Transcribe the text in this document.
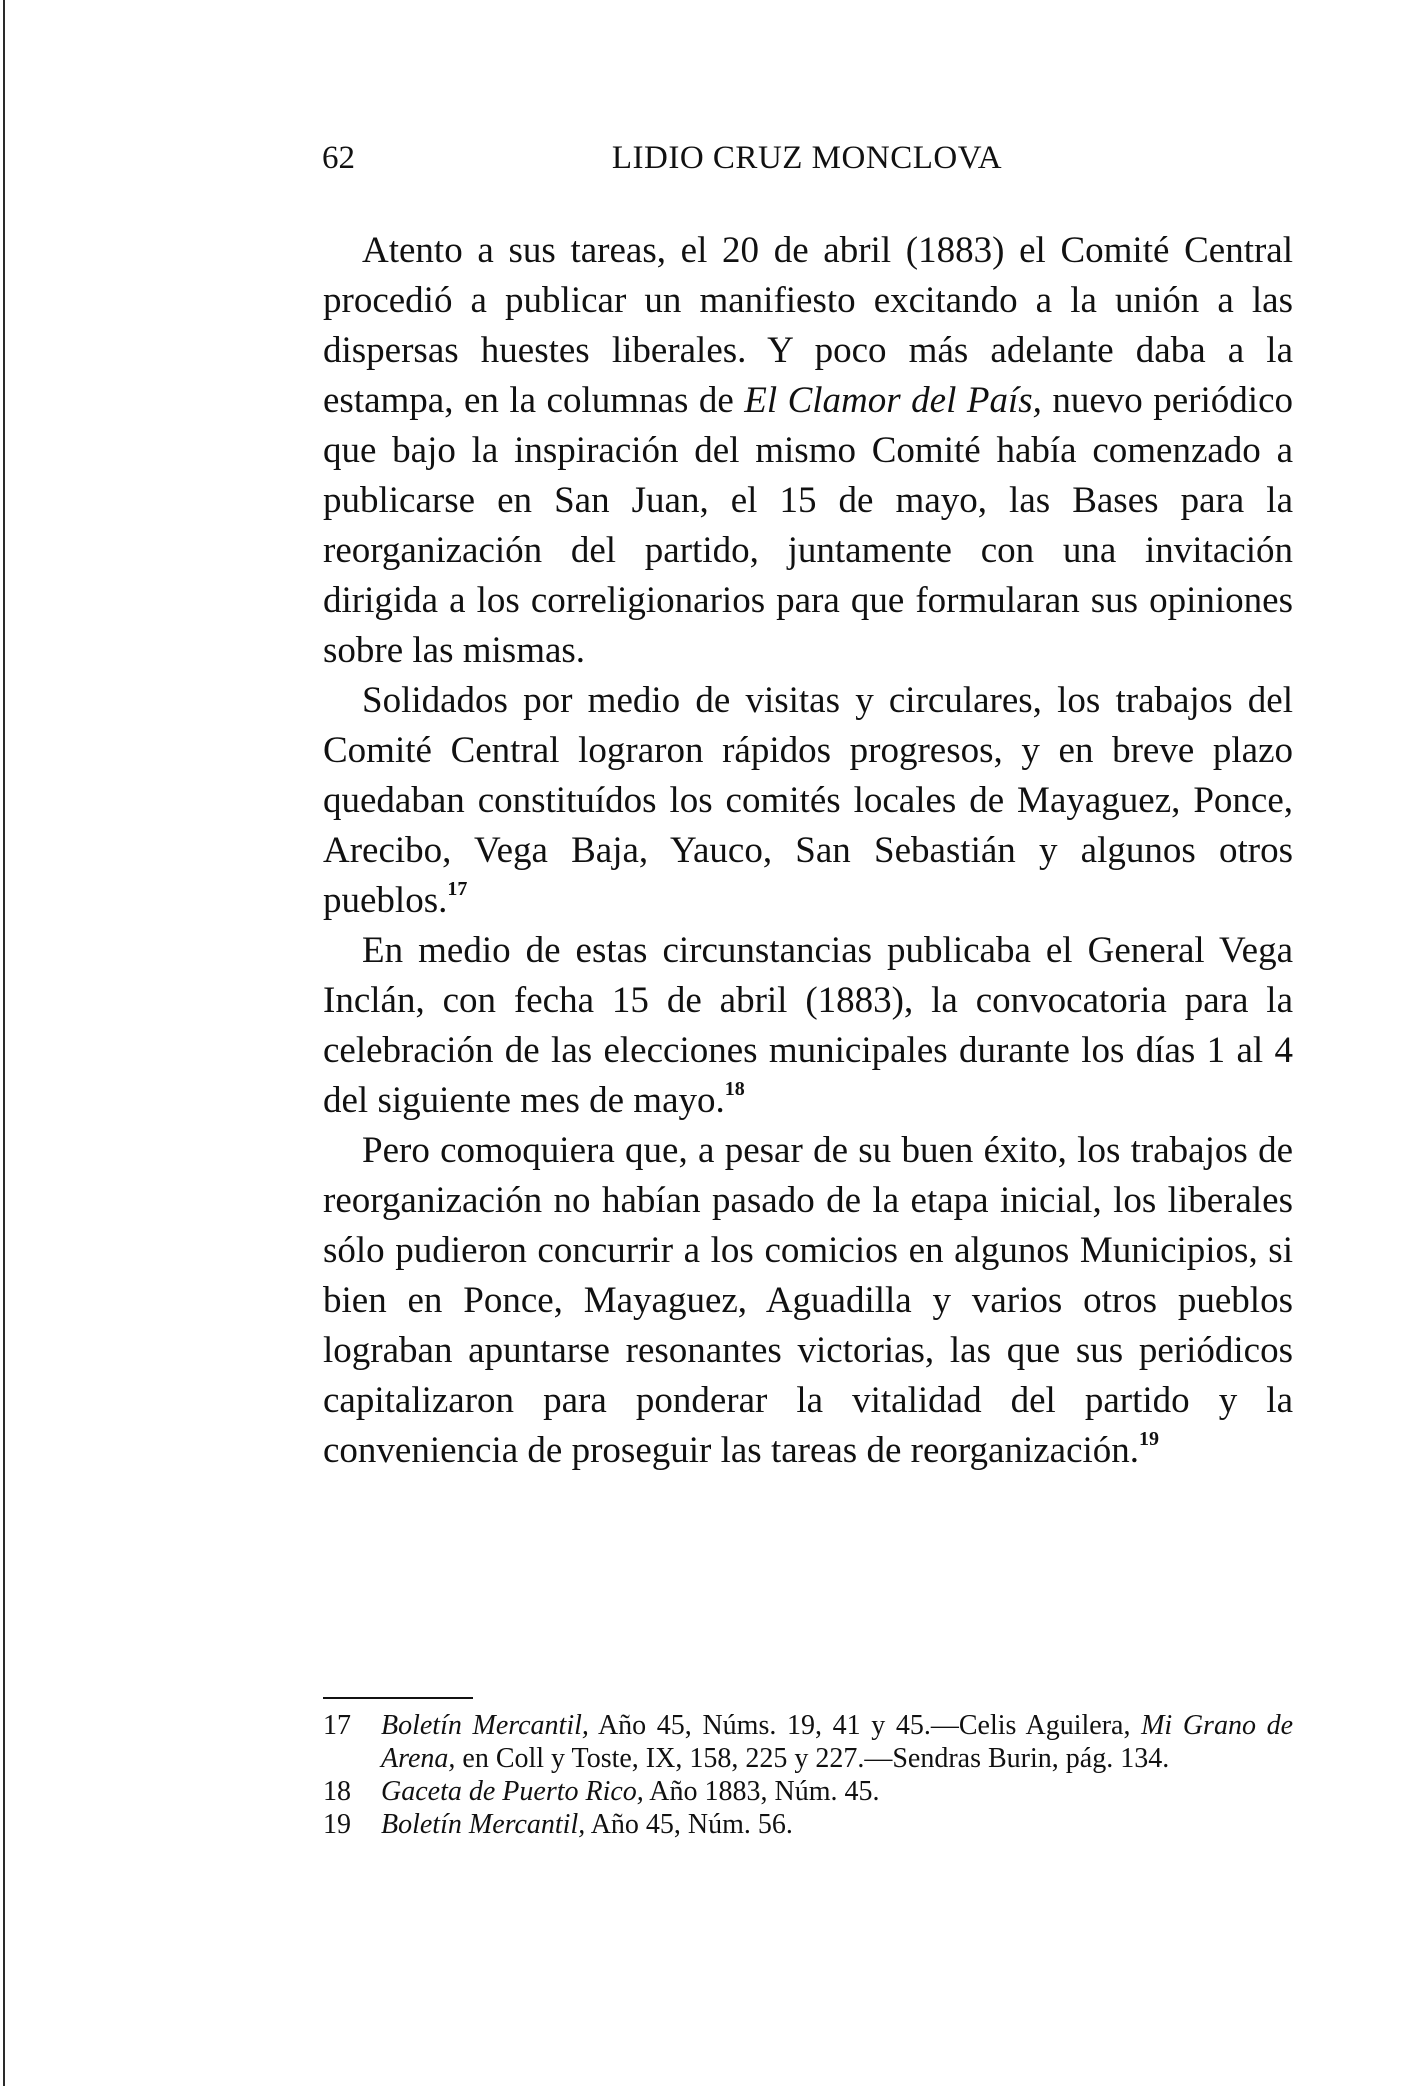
62	LIDIO CRUZ MONCLOVA

Atento a sus tareas, el 20 de abril (1883) el Comité Central procedió a publicar un manifiesto excitando a la unión a las dispersas huestes liberales. Y poco más adelante daba a la estampa, en la columnas de El Clamor del País, nuevo periódico que bajo la inspiración del mismo Comité había comenzado a publicarse en San Juan, el 15 de mayo, las Bases para la reorganización del partido, juntamente con una invitación dirigida a los correligionarios para que formularan sus opiniones sobre las mismas.

Solidados por medio de visitas y circulares, los trabajos del Comité Central lograron rápidos progresos, y en breve plazo quedaban constituídos los comités locales de Mayaguez, Ponce, Arecibo, Vega Baja, Yauco, San Sebastián y algunos otros pueblos.$^{17}$

En medio de estas circunstancias publicaba el General Vega Inclán, con fecha 15 de abril (1883), la convocatoria para la celebración de las elecciones municipales durante los días 1 al 4 del siguiente mes de mayo.$^{18}$

Pero comoquiera que, a pesar de su buen éxito, los trabajos de reorganización no habían pasado de la etapa inicial, los liberales sólo pudieron concurrir a los comicios en algunos Municipios, si bien en Ponce, Mayaguez, Aguadilla y varios otros pueblos lograban apuntarse resonantes victorias, las que sus periódicos capitalizaron para ponderar la vitalidad del partido y la conveniencia de proseguir las tareas de reorganización.$^{19}$

17 Boletín Mercantil, Año 45, Núms. 19, 41 y 45.—Celis Aguilera, Mi Grano de Arena, en Coll y Toste, IX, 158, 225 y 227.—Sendras Burin, pág. 134.

18 Gaceta de Puerto Rico, Año 1883, Núm. 45.

19 Boletín Mercantil, Año 45, Núm. 56.
